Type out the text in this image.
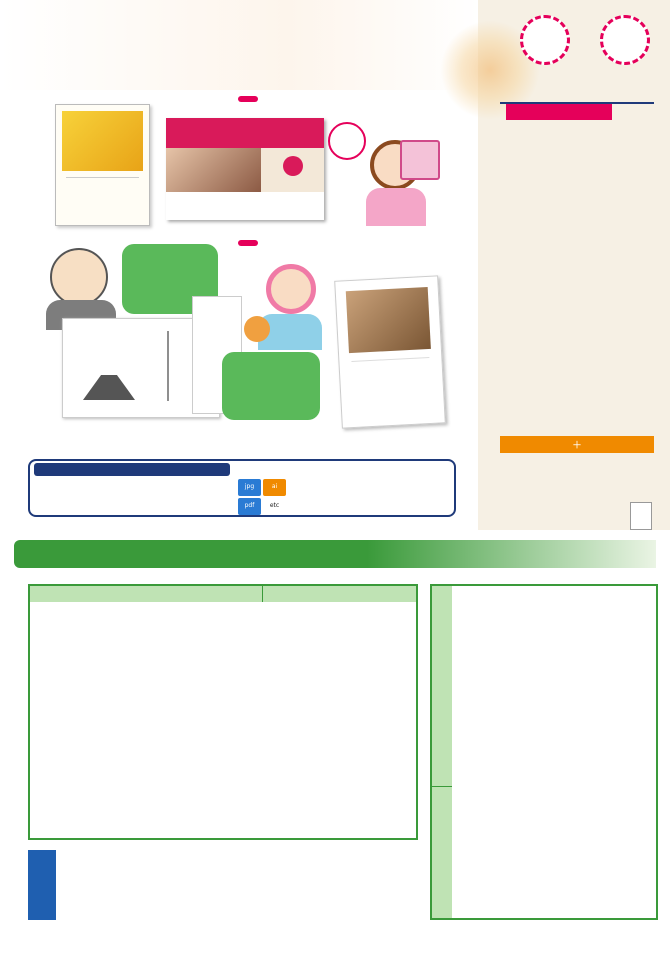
jpg	ai
pdf	etc
＋
